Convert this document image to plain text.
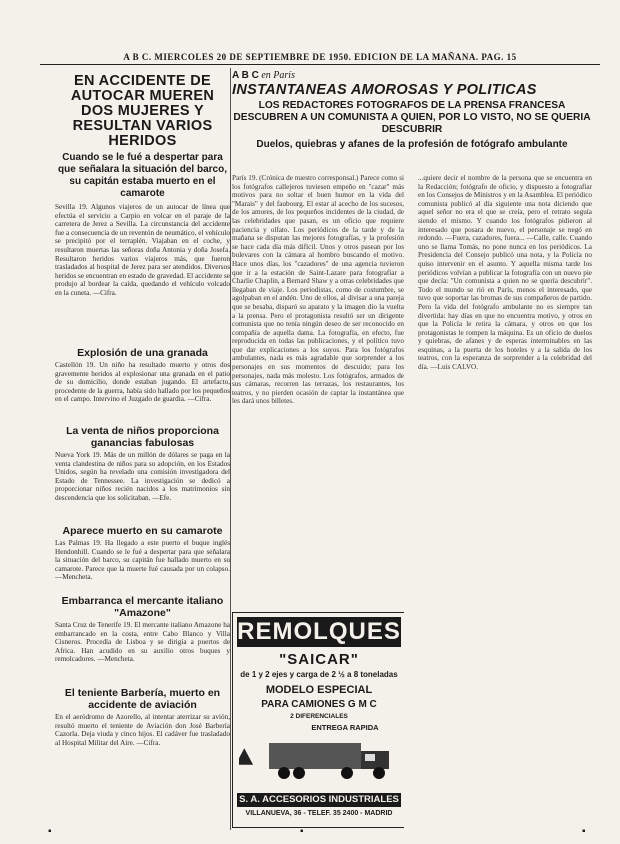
A B C. MIERCOLES 20 DE SEPTIEMBRE DE 1950. EDICION DE LA MAÑANA. PAG. 15
EN ACCIDENTE DE AUTOCAR MUEREN DOS MUJERES Y RESULTAN VARIOS HERIDOS
Cuando se le fué a despertar para que señalara la situación del barco, su capitán estaba muerto en el camarote

Sevilla 19. Algunos viajeros de un autocar de línea que efectúa el servicio a Carpio en volcar en el paraje de la carretera de Jerez a Sevilla. La circunstancia del accidente fue a consecuencia de un reventón de neumático, el vehículo se precipitó por el terraplén. Viajaban en el coche, y resultaron muertas las señoras doña Antonia y doña Josefa. Resultaron heridos varios viajeros más, que fueron trasladados al hospital de Jerez para ser atendidos. Diversos heridos se encuentran en estado de gravedad. El accidente se produjo al bordear la caída, quedando el vehículo volcado en la cuneta. —Cifra.

Explosión de una granada

Castellón 19. Un niño ha resultado muerto y otros dos gravemente heridos al explosionar una granada en el patio de su domicilio, donde estaban jugando. El artefacto, procedente de la guerra, había sido hallado por los pequeños en el campo. Intervino el Juzgado de guardia. —Cifra.

La venta de niños proporciona ganancias fabulosas

Nueva York 19. Más de un millón de dólares se paga en la venta clandestina de niños para su adopción, en los Estados Unidos, según ha revelado una comisión investigadora del Estado de Tennessee. La investigación se dedicó a proporcionar niños recién nacidos a los matrimonios sin descendencia que los solicitaban. —Efe.

Aparece muerto en su camarote

Las Palmas 19. Ha llegado a este puerto el buque inglés Hendonhill. Cuando se le fué a despertar para que señalara la situación del barco, su capitán fue hallado muerto en su camarote. Parece que la muerte fué causada por un colapso. —Mencheta.

Embarranca el mercante italiano "Amazone"

Santa Cruz de Tenerife 19. El mercante italiano Amazone ha embarrancado en la costa, entre Cabo Blanco y Villa Cisneros. Procedía de Lisboa y se dirigía a puertos de Africa. Han acudido en su auxilio otros buques y remolcadores. —Mencheta.

El teniente Barbería, muerto en accidente de aviación

En el aeródromo de Azorello, al intentar aterrizar su avión, resultó muerto el teniente de Aviación don José Barbería Cazorla. Deja viuda y cinco hijos. El cadáver fue trasladado al Hospital Militar del Aire. —Cifra.

A B C en París
INSTANTANEAS AMOROSAS Y POLITICAS
LOS REDACTORES FOTOGRAFOS DE LA PRENSA FRANCESA DESCUBREN A UN COMUNISTA A QUIEN, POR LO VISTO, NO SE QUERIA DESCUBRIR
Duelos, quiebras y afanes de la profesión de fotógrafo ambulante

París 19. (Crónica de nuestro corresponsal.) Parece como si los fotógrafos callejeros tuviesen empeño en "cazar" más motivos para no soltar el buen humor en la vida del "Marais" y del faubourg. El estar al acecho de los sucesos, de los amores, de los pequeños incidentes de la ciudad, de las celebridades que pasan, es un oficio que requiere paciencia y olfato. Los periódicos de la tarde y de la mañana se disputan las mejores fotografías, y la profesión se hace cada día más difícil. Unos y otros pasean por los bulevares con la cámara al hombro buscando el motivo. Hace unos días, los "cazadores" de una agencia tuvieron que ir a la estación de Saint-Lazare para fotografiar a Charlie Chaplin, a Bernard Shaw y a otras celebridades que llegaban de viaje. Los periodistas, como de costumbre, se agolpaban en el andén. Uno de ellos, al divisar a una pareja que se besaba, disparó su aparato y la imagen dio la vuelta a la prensa. Pero el protagonista resultó ser un dirigente comunista que no tenía ningún deseo de ser reconocido en compañía de aquella dama. La fotografía, en efecto, fue reproducida en todas las publicaciones, y el político tuvo que dar explicaciones a los suyos. Para los fotógrafos ambulantes, nada es más agradable que sorprender a los personajes en sus momentos de descuido; para los personajes, nada más molesto. Los fotógrafos, armados de sus cámaras, recorren las terrazas, los restaurantes, los teatros, y no pierden ocasión de captar la instantánea que les dará unos billetes.

REMOLQUES
"SAICAR"
de 1 y 2 ejes y carga de 2 ½ a 8 toneladas
MODELO ESPECIAL
PARA CAMIONES G M C
2 DIFERENCIALES
ENTREGA RAPIDA
S. A. ACCESORIOS INDUSTRIALES
VILLANUEVA, 36 - TELEF. 35 2400 - MADRID

...quiere decir el nombre de la persona que se encuentra en la Redacción; fotógrafo de oficio, y dispuesto a fotografiar en los Consejos de Ministros y en la Asamblea. El periódico comunista publicó al día siguiente una nota diciendo que aquel señor no era el que se creía, pero el retrato seguía siendo el mismo. Y cuando los fotógrafos pidieron al interesado que posara de nuevo, el personaje se negó en redondo. —Fuera, cazadores, fuera... —Calle, calle. Cuando uno se llama Tomás, no pone nunca en los periódicos. La Presidencia del Consejo publicó una nota, y la Policía no quiso intervenir en el asunto. Y aquella misma tarde los periódicos volvían a publicar la fotografía con un nuevo pie que decía: "Un comunista a quien no se quería descubrir". Todo el mundo se rió en París, menos el interesado, que tuvo que soportar las bromas de sus compañeros de partido. Pero la vida del fotógrafo ambulante no es siempre tan divertida: hay días en que no encuentra motivo, y otros en que la Policía le retira la cámara, y otros en que los protagonistas le rompen la máquina. Es un oficio de duelos y quiebras, de afanes y de esperas interminables en las esquinas, a la puerta de los hoteles y a la salida de los teatros, con la esperanza de sorprender a la celebridad del día. —Luis CALVO.

▪	▪	▪
